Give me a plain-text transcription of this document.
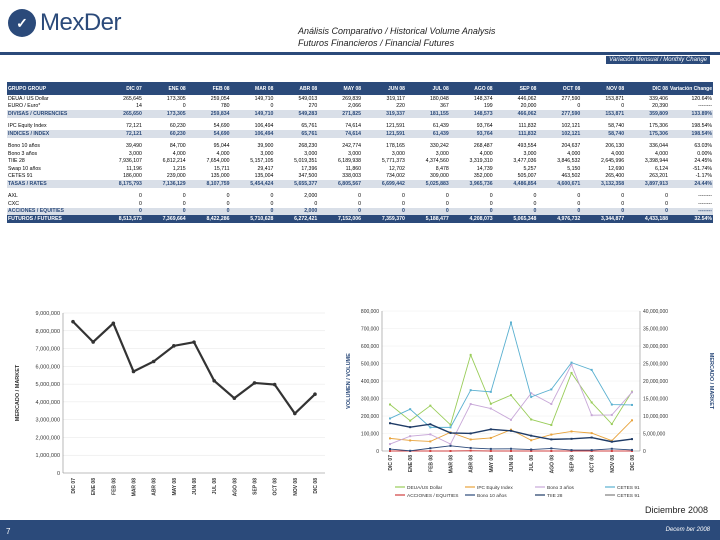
✓ MexDer	Análisis Comparativo / Historical Volume Analysis
Futuros Financieros / Financial Futures
Variación Mensual / Monthly Change
GRUPO GROUP	DIC 07	ENE 08	FEB 08	MAR 08	ABR 08	MAY 08	JUN 08	JUL 08	AGO 08	SEP 08	OCT 08	NOV 08	DIC 08	Variación Change
DEUA / US Dollar	265,645	173,305	259,054	149,710	549,013	269,839	319,117	180,048	148,374	446,062	277,590	153,871	339,406	120.64%
EURO / Euro*	14	0	780	0	270	2,066	220	367	199	20,000	0	0	20,390	--------
DIVISAS / CURRENCIES	265,650	173,305	259,834	149,710	549,283	271,825	319,337	181,155	148,573	466,062	277,590	153,871	359,809	133.89%

IPC Equity Index	72,121	60,230	54,690	106,494	65,761	74,614	121,591	61,439	93,764	111,832	102,121	58,740	175,306	198.54%
INDICES / INDEX	72,121	60,230	54,690	106,494	65,761	74,614	121,591	61,439	93,764	111,832	102,121	58,740	175,306	198.54%

Bono 10 años	39,490	84,700	95,044	39,900	268,230	242,774	178,165	330,242	268,487	493,554	204,637	206,130	336,044	63.03%
Bono 3 años	3,000	4,000	4,000	3,000	3,000	3,000	3,000	3,000	4,000	3,000	4,000	4,000	4,000	0.00%
TIIE 28	7,936,107	6,812,214	7,654,000	5,157,105	5,019,351	6,189,938	5,771,373	4,374,560	3,319,310	3,477,036	3,846,532	2,645,996	3,398,944	24.45%
Swap 10 años	11,196	1,215	15,711	29,417	17,396	11,860	12,702	8,478	14,739	5,257	5,150	12,690	6,124	-51.74%
CETES 91	186,000	239,000	135,000	135,004	347,500	338,003	734,002	309,000	352,000	505,007	463,502	265,400	263,201	-1.17%
TASAS / RATES	8,175,793	7,136,129	8,107,759	5,454,424	5,655,377	6,805,567	6,699,442	5,025,883	3,965,736	4,486,854	4,600,671	3,132,358	3,897,913	24.44%

AXL	0	0	0	0	2,000	0	0	0	0	0	0	0	0	--------
CXC	0	0	0	0	0	0	0	0	0	0	0	0	0	--------
ACCIONES / EQUITIES	0	0	0	0	2,000	0	0	0	0	0	0	0	0	--------
FUTUROS / FUTURES	8,513,573	7,369,664	8,422,286	5,710,628	6,272,421	7,152,006	7,359,370	5,188,477	4,208,073	5,065,348	4,976,732	3,344,877	4,433,188	32.54%
0
1,000,000
2,000,000
3,000,000
4,000,000
5,000,000
6,000,000
7,000,000
8,000,000
9,000,000
MERCADO / MARKET
DIC 07	ENE 08	FEB 08	MAR 08	ABR 08	MAY 08	JUN 08	JUL 08	AGO 08	SEP 08	OCT 08	NOV 08	DIC 08
0
100,000
200,000
300,000
400,000
500,000
600,000
700,000
800,000
0
5,000,000
10,000,000
15,000,000
20,000,000
25,000,000
30,000,000
35,000,000
40,000,000
VOLUMEN / VOLUME	MERCADO / MARKET
DIC 07	ENE 08	FEB 08	MAR 08	ABR 08	MAY 08	JUN 08	JUL 08	AGO 08	SEP 08	OCT 08	NOV 08	DIC 08
DEUA/US Dollar	IPC Equity Index	Bono 3 años	CETES 91
ACCIONES / EQUITIES	Bono 10 años	TIIE 28	CETES 91
Diciembre 2008
7	Decem ber 2008
